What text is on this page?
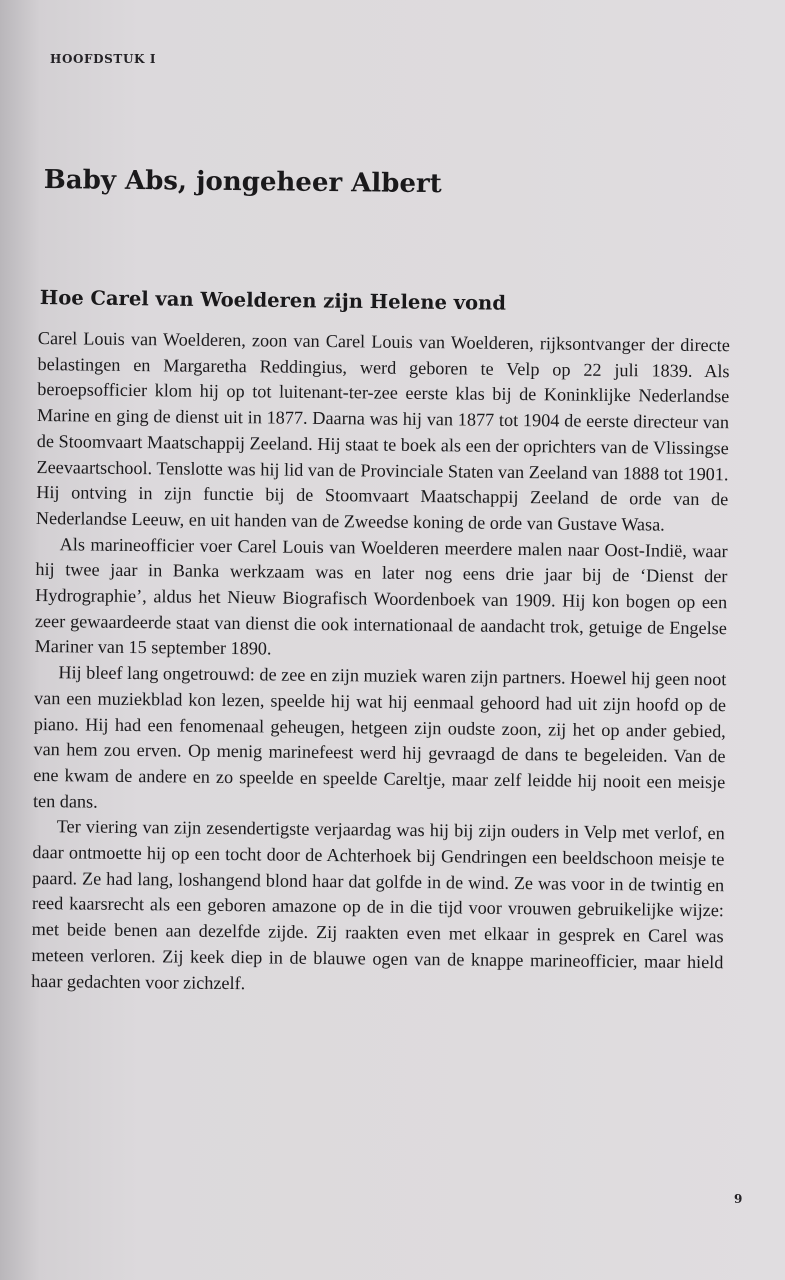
HOOFDSTUK I
Baby Abs, jongeheer Albert
Hoe Carel van Woelderen zijn Helene vond

Carel Louis van Woelderen, zoon van Carel Louis van Woelderen, rijksontvanger der directe belastingen en Margaretha Reddingius, werd geboren te Velp op 22 juli 1839. Als beroepsofficier klom hij op tot luitenant-ter-zee eerste klas bij de Koninklijke Nederlandse Marine en ging de dienst uit in 1877. Daarna was hij van 1877 tot 1904 de eerste directeur van de Stoomvaart Maatschappij Zeeland. Hij staat te boek als een der oprichters van de Vlissingse Zeevaartschool. Tenslotte was hij lid van de Provinciale Staten van Zeeland van 1888 tot 1901. Hij ontving in zijn functie bij de Stoomvaart Maatschappij Zeeland de orde van de Nederlandse Leeuw, en uit handen van de Zweedse koning de orde van Gustave Wasa.

Als marineofficier voer Carel Louis van Woelderen meerdere malen naar Oost-Indië, waar hij twee jaar in Banka werkzaam was en later nog eens drie jaar bij de ‘Dienst der Hydrographie’, aldus het Nieuw Biografisch Woordenboek van 1909. Hij kon bogen op een zeer gewaardeerde staat van dienst die ook internationaal de aandacht trok, getuige de Engelse Mariner van 15 september 1890.

Hij bleef lang ongetrouwd: de zee en zijn muziek waren zijn partners. Hoewel hij geen noot van een muziekblad kon lezen, speelde hij wat hij eenmaal gehoord had uit zijn hoofd op de piano. Hij had een fenomenaal geheugen, hetgeen zijn oudste zoon, zij het op ander gebied, van hem zou erven. Op menig marinefeest werd hij gevraagd de dans te begeleiden. Van de ene kwam de andere en zo speelde en speelde Careltje, maar zelf leidde hij nooit een meisje ten dans.

Ter viering van zijn zesendertigste verjaardag was hij bij zijn ouders in Velp met verlof, en daar ontmoette hij op een tocht door de Achterhoek bij Gendringen een beeldschoon meisje te paard. Ze had lang, loshangend blond haar dat golfde in de wind. Ze was voor in de twintig en reed kaarsrecht als een geboren amazone op de in die tijd voor vrouwen gebruikelijke wijze: met beide benen aan dezelfde zijde. Zij raakten even met elkaar in gesprek en Carel was meteen verloren. Zij keek diep in de blauwe ogen van de knappe marineofficier, maar hield haar gedachten voor zichzelf.

9
